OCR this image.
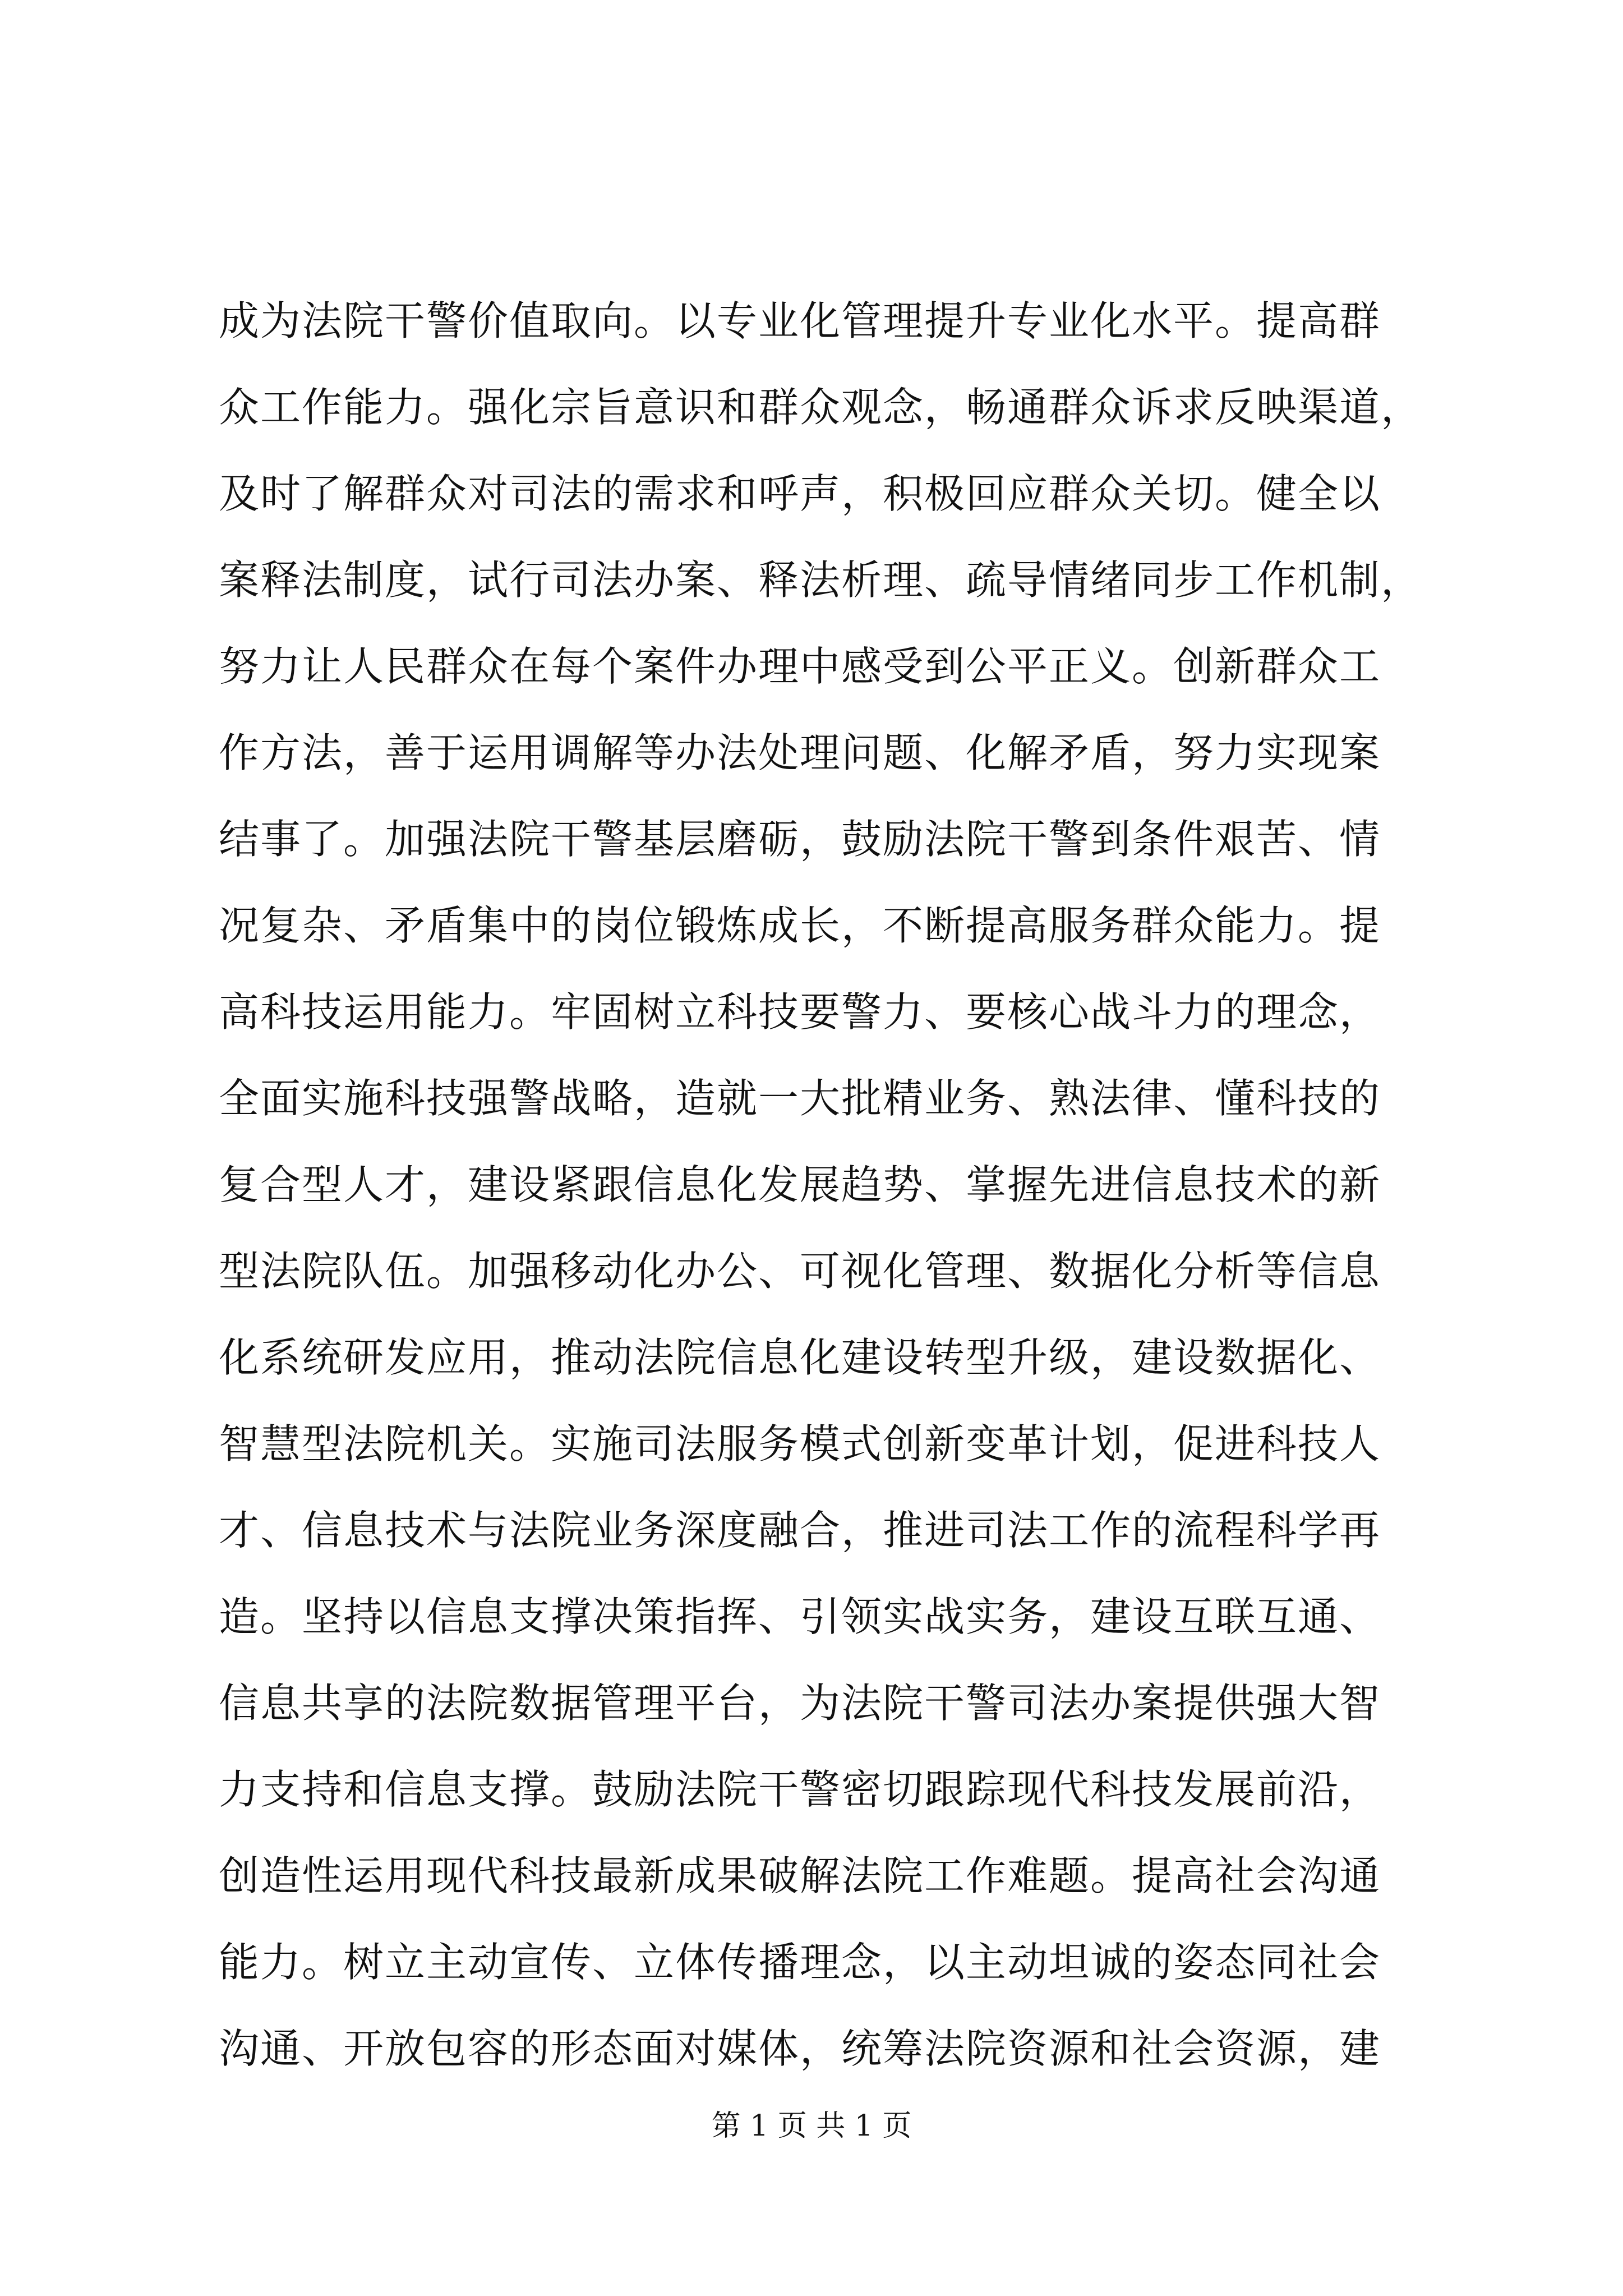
成为法院干警价值取向。以专业化管理提升专业化水平。提高群
众工作能力。强化宗旨意识和群众观念，畅通群众诉求反映渠道，
及时了解群众对司法的需求和呼声，积极回应群众关切。健全以
案释法制度，试行司法办案、释法析理、疏导情绪同步工作机制，
努力让人民群众在每个案件办理中感受到公平正义。创新群众工
作方法，善于运用调解等办法处理问题、化解矛盾，努力实现案
结事了。加强法院干警基层磨砺，鼓励法院干警到条件艰苦、情
况复杂、矛盾集中的岗位锻炼成长，不断提高服务群众能力。提
高科技运用能力。牢固树立科技要警力、要核心战斗力的理念，
全面实施科技强警战略，造就一大批精业务、熟法律、懂科技的
复合型人才，建设紧跟信息化发展趋势、掌握先进信息技术的新
型法院队伍。加强移动化办公、可视化管理、数据化分析等信息
化系统研发应用，推动法院信息化建设转型升级，建设数据化、
智慧型法院机关。实施司法服务模式创新变革计划，促进科技人
才、信息技术与法院业务深度融合，推进司法工作的流程科学再
造。坚持以信息支撑决策指挥、引领实战实务，建设互联互通、
信息共享的法院数据管理平台，为法院干警司法办案提供强大智
力支持和信息支撑。鼓励法院干警密切跟踪现代科技发展前沿，
创造性运用现代科技最新成果破解法院工作难题。提高社会沟通
能力。树立主动宣传、立体传播理念，以主动坦诚的姿态同社会
沟通、开放包容的形态面对媒体，统筹法院资源和社会资源，建
第 1 页 共 1 页
